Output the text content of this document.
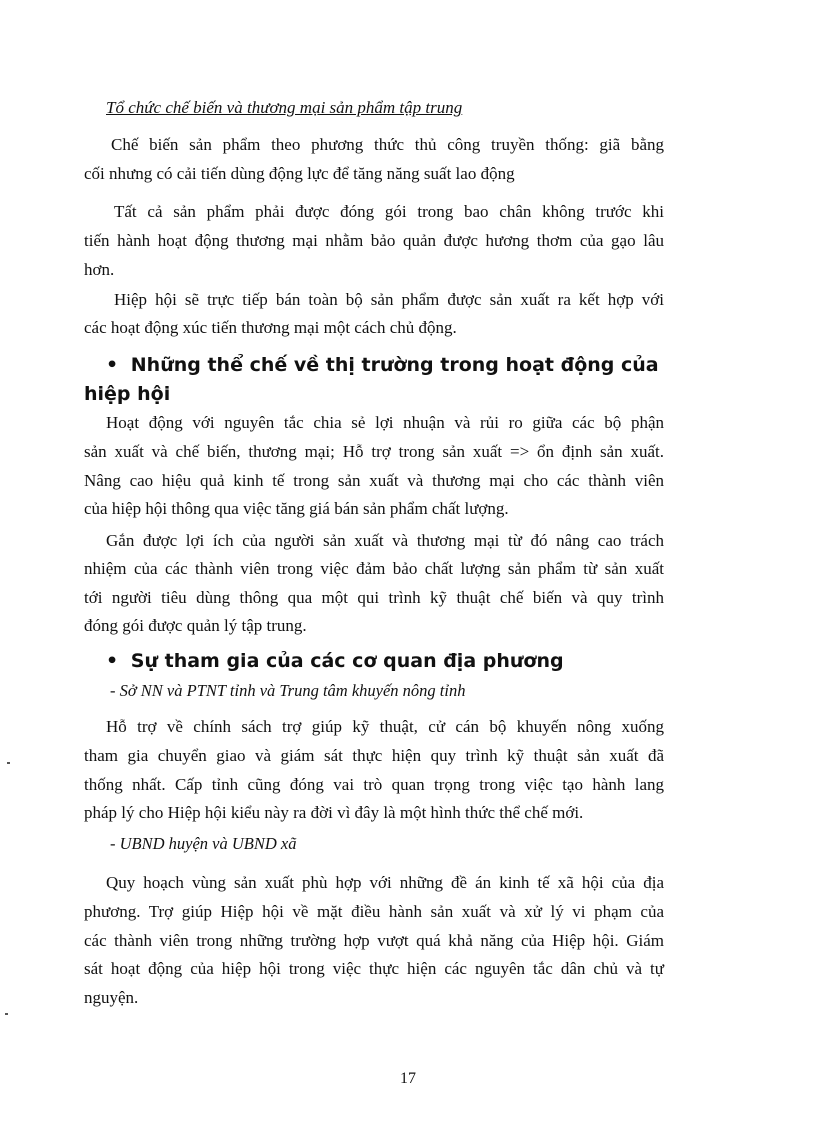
Tổ chức chế biến và thương mại sản phẩm tập trung
Chế biến sản phẩm theo phương thức thủ công truyền thống: giã bằng
cối nhưng có cải tiến dùng động lực để tăng năng suất lao động
Tất cả sản phẩm phải được đóng gói trong bao chân không trước khi
tiến hành hoạt động thương mại nhằm bảo quản được hương thơm của gạo lâu
hơn.
Hiệp hội sẽ trực tiếp bán toàn bộ sản phẩm được sản xuất ra kết hợp với
các hoạt động xúc tiến thương mại một cách chủ động.
• Những thể chế về thị trường trong hoạt động của
hiệp hội
Hoạt động với nguyên tắc chia sẻ lợi nhuận và rủi ro giữa các bộ phận
sản xuất và chế biến, thương mại; Hỗ trợ trong sản xuất => ổn định sản xuất.
Nâng cao hiệu quả kinh tế trong sản xuất và thương mại cho các thành viên
của hiệp hội thông qua việc tăng giá bán sản phẩm chất lượng.
Gắn được lợi ích của người sản xuất và thương mại từ đó nâng cao trách
nhiệm của các thành viên trong việc đảm bảo chất lượng sản phẩm từ sản xuất
tới người tiêu dùng thông qua một qui trình kỹ thuật chế biến và quy trình
đóng gói được quản lý tập trung.
• Sự tham gia của các cơ quan địa phương
- Sở NN và PTNT tỉnh và Trung tâm khuyến nông tỉnh
Hỗ trợ về chính sách trợ giúp kỹ thuật, cử cán bộ khuyến nông xuống
tham gia chuyển giao và giám sát thực hiện quy trình kỹ thuật sản xuất đã
thống nhất. Cấp tỉnh cũng đóng vai trò quan trọng trong việc tạo hành lang
pháp lý cho Hiệp hội kiểu này ra đời vì đây là một hình thức thể chế mới.
- UBND huyện và UBND xã
Quy hoạch vùng sản xuất phù hợp với những đề án kinh tế xã hội của địa
phương. Trợ giúp Hiệp hội về mặt điều hành sản xuất và xử lý vi phạm của
các thành viên trong những trường hợp vượt quá khả năng của Hiệp hội. Giám
sát hoạt động của hiệp hội trong việc thực hiện các nguyên tắc dân chủ và tự
nguyện.
17
